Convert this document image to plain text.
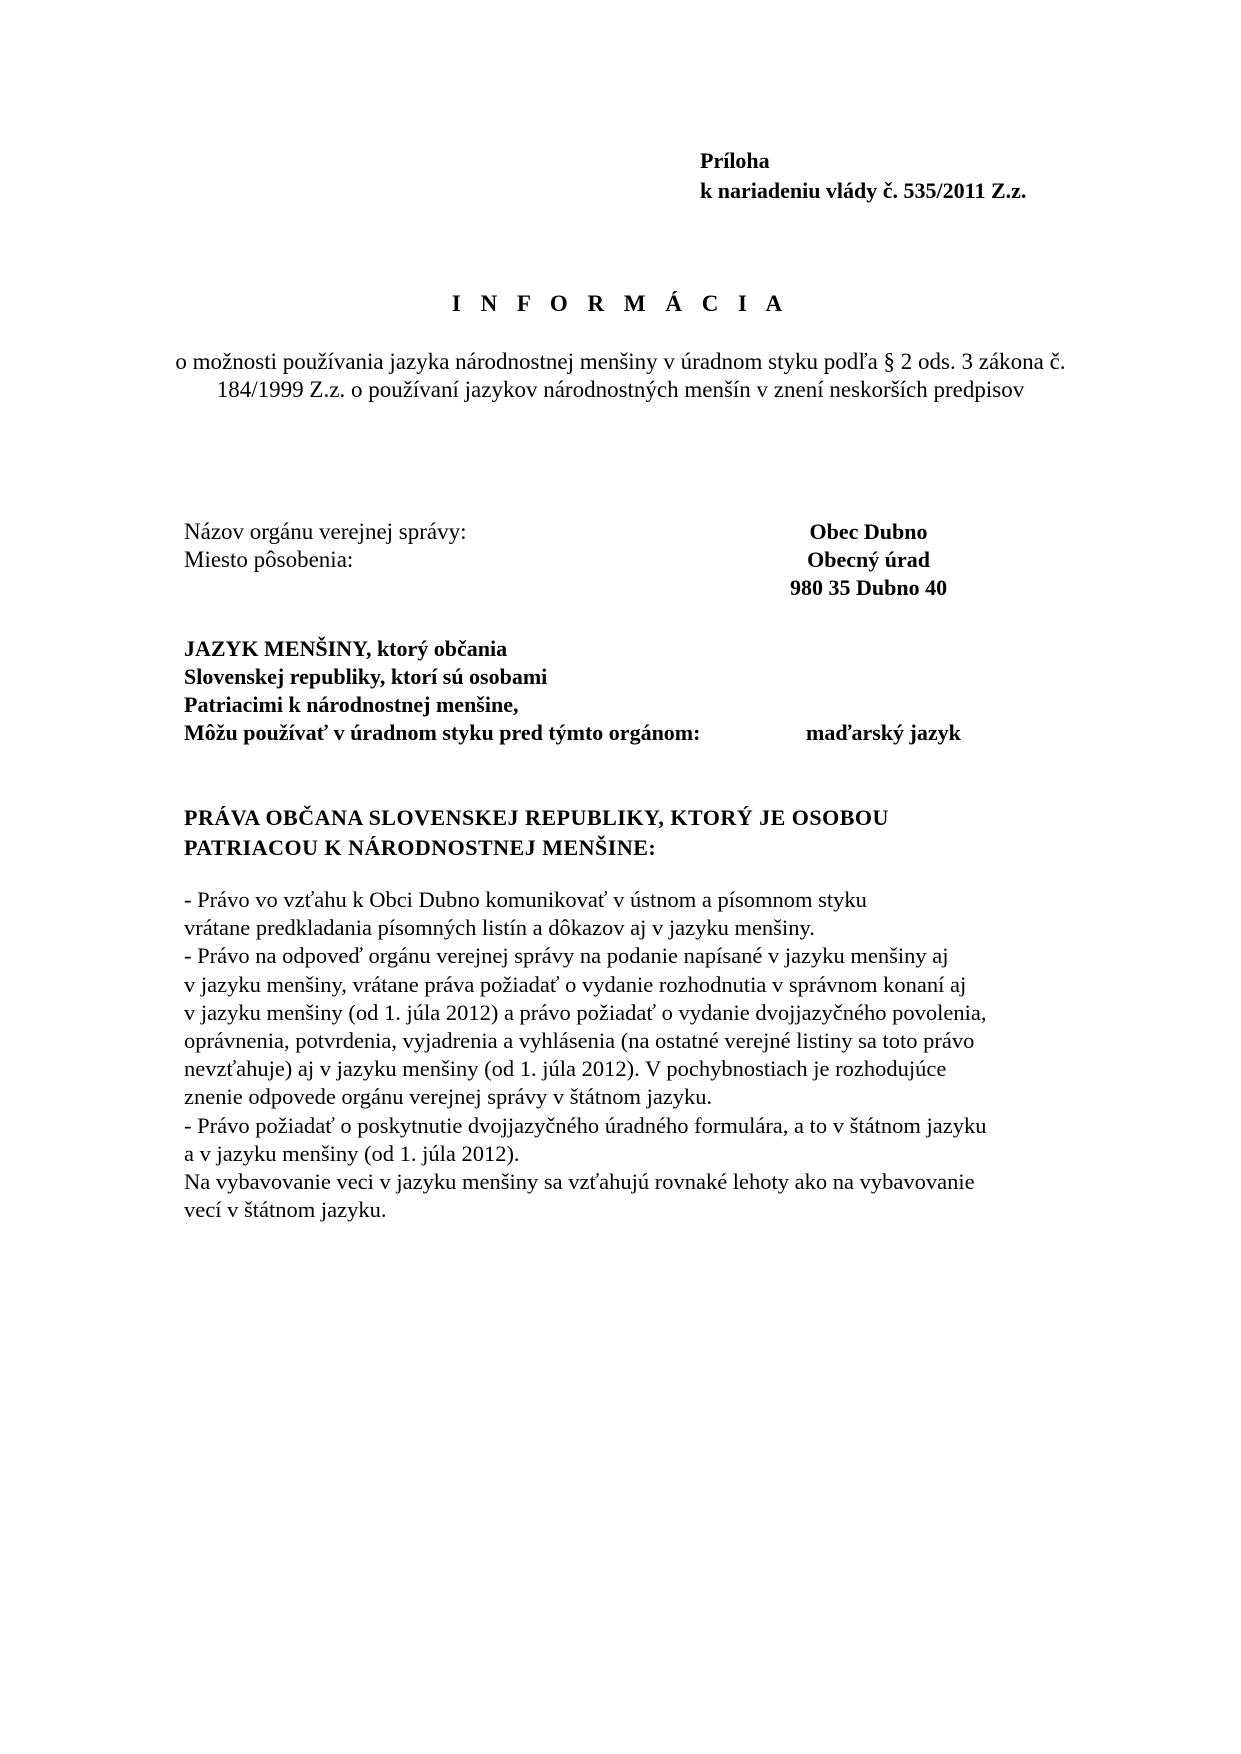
Príloha
k nariadeniu vlády č. 535/2011 Z.z.
I N F O R M Á C I A
o možnosti používania jazyka národnostnej menšiny v úradnom styku podľa § 2 ods. 3 zákona č. 184/1999 Z.z. o používaní jazykov národnostných menšín v znení neskorších predpisov
Názov orgánu verejnej správy:
Miesto pôsobenia:
Obec Dubno
Obecný úrad
980 35 Dubno 40
JAZYK MENŠINY, ktorý občania
Slovenskej republiky, ktorí sú osobami
Patriacimi k národnostnej menšine,
Môžu používať v úradnom styku pred týmto orgánom:	maďarský jazyk
PRÁVA OBČANA SLOVENSKEJ REPUBLIKY, KTORÝ JE OSOBOU
PATRIACOU K NÁRODNOSTNEJ MENŠINE:
- Právo vo vzťahu k Obci Dubno komunikovať v ústnom a písomnom styku
vrátane predkladania písomných listín a dôkazov aj v jazyku menšiny.
- Právo na odpoveď orgánu verejnej správy na podanie napísané v jazyku menšiny aj
v jazyku menšiny, vrátane práva požiadať o vydanie rozhodnutia v správnom konaní aj
v jazyku menšiny (od 1. júla 2012) a právo požiadať o vydanie dvojjazyčného povolenia,
oprávnenia, potvrdenia, vyjadrenia a vyhlásenia (na ostatné verejné listiny sa toto právo
nevzťahuje) aj v jazyku menšiny (od 1. júla 2012). V pochybnostiach je rozhodujúce
znenie odpovede orgánu verejnej správy v štátnom jazyku.
- Právo požiadať o poskytnutie dvojjazyčného úradného formulára, a to v štátnom jazyku
a v jazyku menšiny (od 1. júla 2012).
Na vybavovanie veci v jazyku menšiny sa vzťahujú rovnaké lehoty ako na vybavovanie
vecí v štátnom jazyku.
